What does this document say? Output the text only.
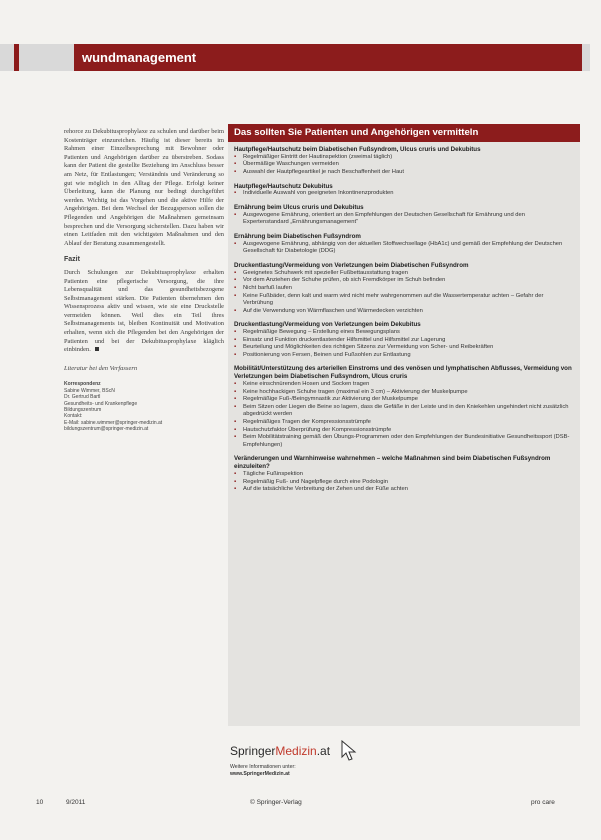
wundmanagement

rehorce zu Dekubitusprophylaxe zu schulen und darüber beim Kostenträger einzureichen. Häufig ist dieser bereits im Rahmen einer Einzelbesprechung mit Bewohner oder Patienten und Angehörigen darüber zu überstreben. Sodass kann der Patient die gestellte Beziehung im Anschluss besser am Netz, für Entlastungen; Verständnis und Veränderung so gut wie möglich in den Alltag der Pflege. Erfolgt keiner Überleitung, kann die Planung nur bedingt durchgeführt werden. Wichtig ist das Vorgehen und die aktive Hilfe der Angehörigen. Bei dem Wechsel der Bezugsperson sollen die Pflegenden und Angehörigen die Maßnahmen gemeinsam besprechen und die Versorgung sicherstellen. Dazu haben wir einen Leitfaden mit den wichtigsten Maßnahmen und den Ablauf der Beratung zusammengestellt.

Fazit

Durch Schulungen zur Dekubitusprophylaxe erhalten Patienten eine pflegerische Versorgung, die ihre Lebensqualität und das gesundheitsbezogene Selbstmanagement stärken. Die Patienten übernehmen den Wissensprozess aktiv und wissen, wie sie eine Druckstelle vermeiden können. Weil dies ein Teil ihres Selbstmanagements ist, bleiben Kontinuität und Motivation erhalten, wenn sich die Pflegenden bei den Angehörigen der Patienten und bei der Dekubitusprophylaxe kläglich einbinden.

Literatur bei den Verfassern
Korrespondenz
Sabine Wimmer, BScN
Dr. Gertrud Bartl
Gesundheits- und Krankenpflege
Bildungszentrum
Kontakt:
E-Mail: sabine.wimmer@springer-medizin.at
bildungszentrum@springer-medizin.at
Das sollten Sie Patienten und Angehörigen vermitteln
Hautpflege/Hautschutz beim Diabetischen Fußsyndrom, Ulcus cruris und Dekubitus
▪ Regelmäßiger Eintritt der Hautinspektion (zweimal täglich)
▪ Übermäßige Waschungen vermeiden
▪ Auswahl der Hautpflegeartikel je nach Beschaffenheit der Haut
Hautpflege/Hautschutz Dekubitus
▪ Individuelle Auswahl von geeigneten Inkontinenzprodukten
Ernährung beim Ulcus cruris und Dekubitus
▪ Ausgewogene Ernährung, orientiert an den Empfehlungen der Deutschen Gesellschaft für Ernährung und den Expertenstandard „Ernährungsmanagement“
Ernährung beim Diabetischen Fußsyndrom
▪ Ausgewogene Ernährung, abhängig von der aktuellen Stoffwechsellage (HbA1c) und gemäß der Empfehlung der Deutschen Gesellschaft für Diabetologie (DDG)
Druckentlastung/Vermeidung von Verletzungen beim Diabetischen Fußsyndrom
▪ Geeignetes Schuhwerk mit spezieller Fußbettausstattung tragen
▪ Vor dem Anziehen der Schuhe prüfen, ob sich Fremdkörper im Schuh befinden
▪ Nicht barfuß laufen
▪ Keine Fußbäder, denn kalt und warm wird nicht mehr wahrgenommen auf die Wassertemperatur achten – Gefahr der Verbrühung
▪ Auf die Verwendung von Wärmflaschen und Wärmedecken verzichten
Druckentlastung/Vermeidung von Verletzungen beim Dekubitus
▪ Regelmäßige Bewegung – Erstellung eines Bewegungsplans
▪ Einsatz und Funktion druckentlastender Hilfsmittel und Hilfsmittel zur Lagerung
▪ Beurteilung und Möglichkeiten des richtigen Sitzens zur Vermeidung von Scher- und Reibekräften
▪ Positionierung von Fersen, Beinen und Fußsohlen zur Entlastung
Mobilität/Unterstützung des arteriellen Einstroms und des venösen und lymphatischen Abflusses, Vermeidung von Verletzungen beim Diabetischen Fußsyndrom, Ulcus cruris
▪ Keine einschnürenden Hosen und Socken tragen
▪ Keine hochhackigen Schuhe tragen (maximal ein 3 cm) – Aktivierung der Muskelpumpe
▪ Regelmäßige Fuß-/Beingymnastik zur Aktivierung der Muskelpumpe
▪ Beim Sitzen oder Liegen die Beine so lagern, dass die Gefäße in der Leiste und in den Kniekehlen ungehindert nicht zusätzlich abgedrückt werden
▪ Regelmäßiges Tragen der Kompressionsstrümpfe
▪ Hautschutzfaktor Überprüfung der Kompressionsstrümpfe
▪ Beim Mobilitätstraining gemäß den Übungs-Programmen oder den Empfehlungen der Bundesinitiative Gesundheitssport (DSB-Empfehlungen)
Veränderungen und Warnhinweise wahrnehmen – welche Maßnahmen sind beim Diabetischen Fußsyndrom einzuleiten?
▪ Tägliche Fußinspektion
▪ Regelmäßig Fuß- und Nagelpflege durch eine Podologin
▪ Auf die tatsächliche Verbreitung der Zehen und der Füße achten
SpringerMedizin.at
Weitere Informationen unter:
www.SpringerMedizin.at
10	9/2011	© Springer-Verlag	pro care
